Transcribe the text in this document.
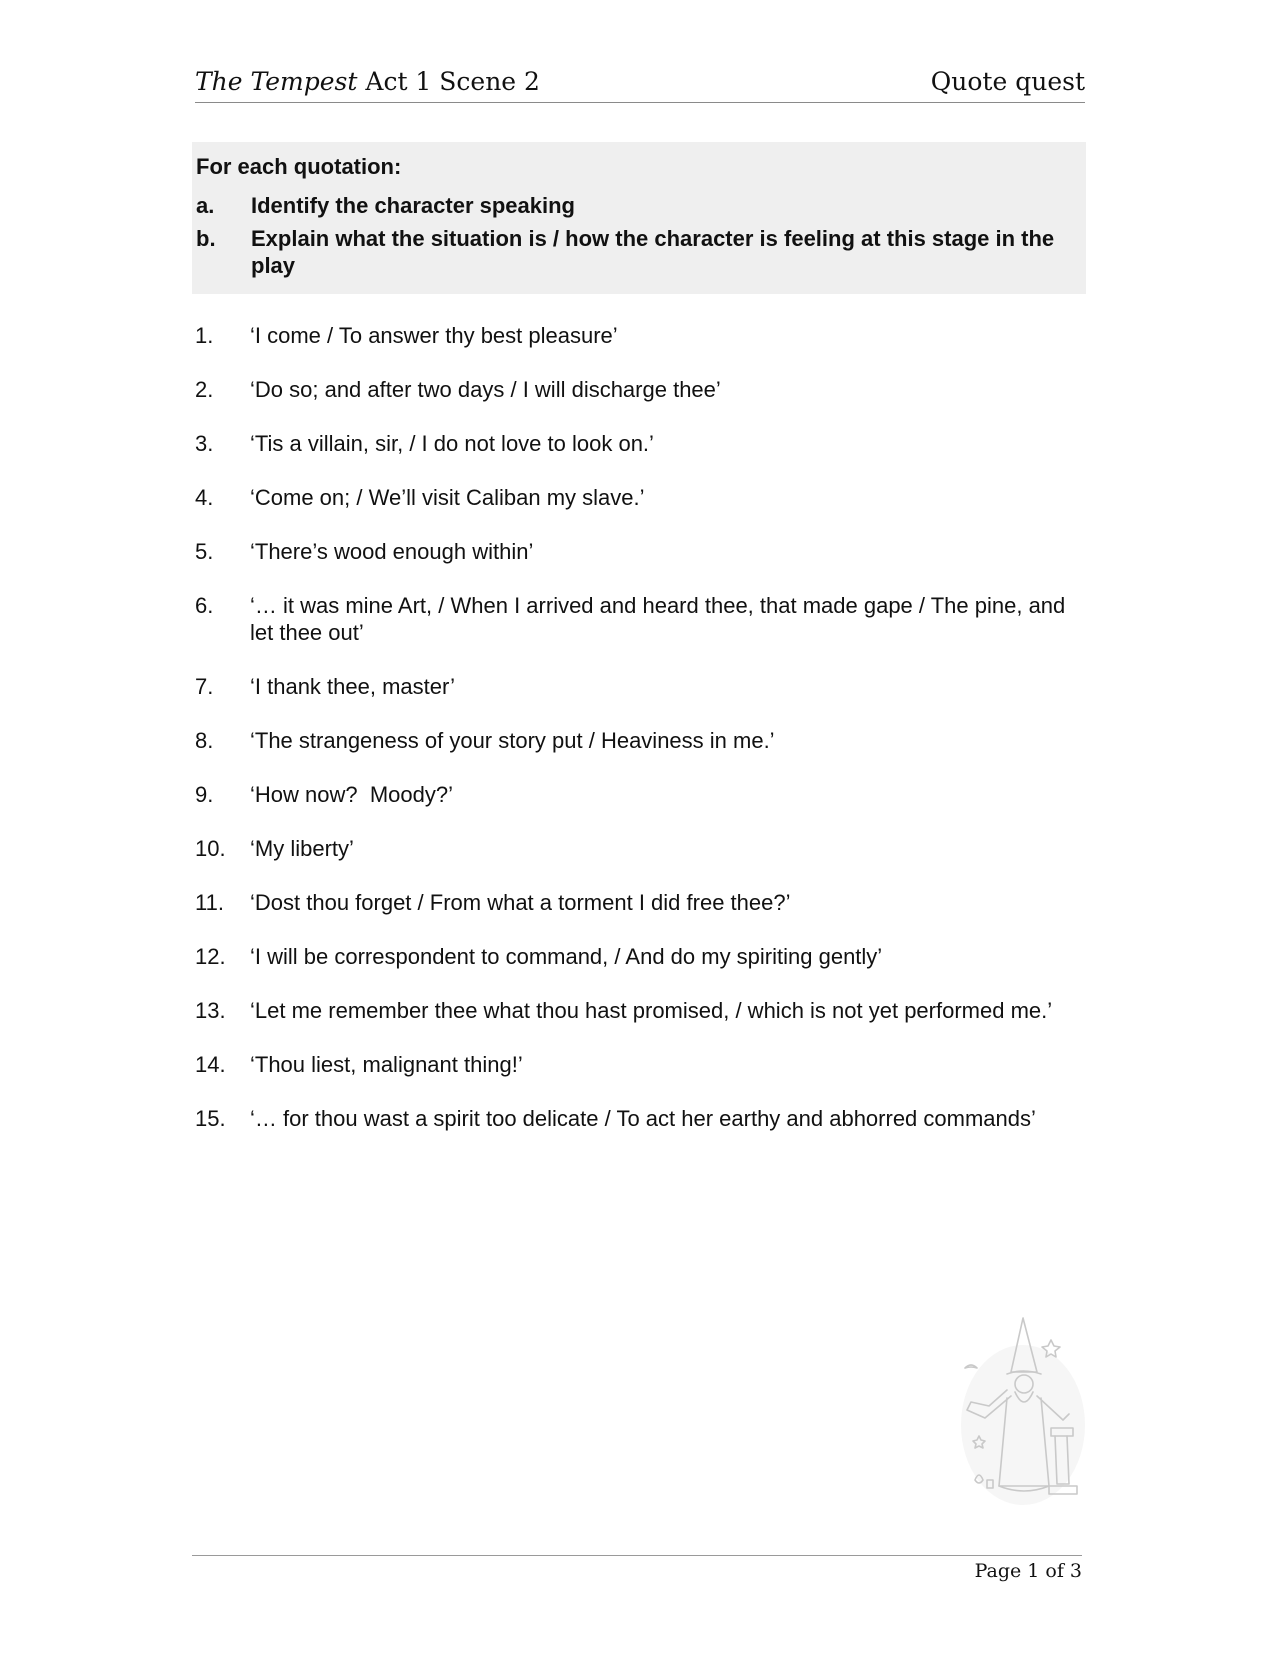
The Tempest Act 1 Scene 2	Quote quest
For each quotation:
a. Identify the character speaking
b. Explain what the situation is / how the character is feeling at this stage in the play
1. ‘I come / To answer thy best pleasure’
2. ‘Do so; and after two days / I will discharge thee’
3. ‘Tis a villain, sir, / I do not love to look on.’
4. ‘Come on; / We’ll visit Caliban my slave.’
5. ‘There’s wood enough within’
6. ‘… it was mine Art, / When I arrived and heard thee, that made gape / The pine, and let thee out’
7. ‘I thank thee, master’
8. ‘The strangeness of your story put / Heaviness in me.’
9. ‘How now?  Moody?’
10. ‘My liberty’
11. ‘Dost thou forget / From what a torment I did free thee?’
12. ‘I will be correspondent to command, / And do my spiriting gently’
13. ‘Let me remember thee what thou hast promised, / which is not yet performed me.’
14. ‘Thou liest, malignant thing!’
15. ‘… for thou wast a spirit too delicate / To act her earthy and abhorred commands’
Page 1 of 3
